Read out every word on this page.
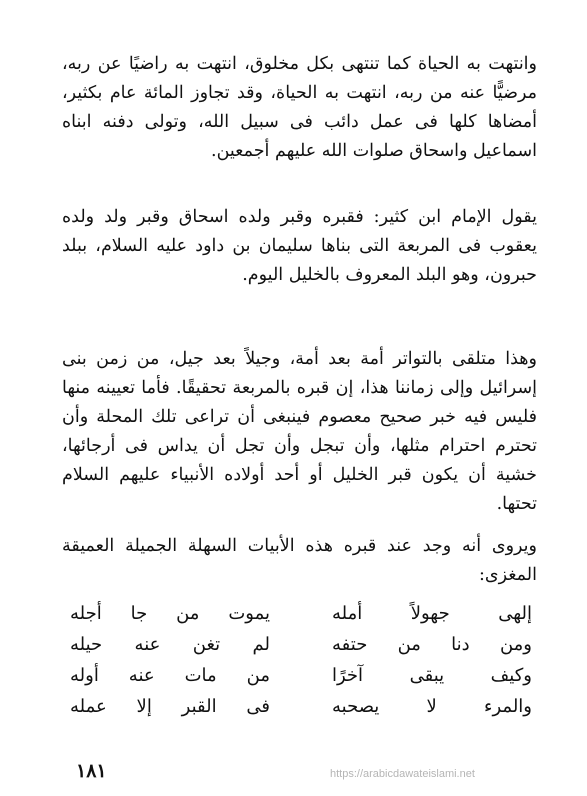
وانتهت به الحياة كما تنتهى بكل مخلوق، انتهت به راضيًا عن ربه، مرضيًّا عنه من ربه، انتهت به الحياة، وقد تجاوز المائة عام بكثير، أمضاها كلها فى عمل دائب فى سبيل الله، وتولى دفنه ابناه اسماعيل واسحاق صلوات الله عليهم أجمعين.

يقول الإمام ابن كثير: فقبره وقبر ولده اسحاق وقبر ولد ولده يعقوب فى المربعة التى بناها سليمان بن داود عليه السلام، ببلد حبرون، وهو البلد المعروف بالخليل اليوم.

وهذا متلقى بالتواتر أمة بعد أمة، وجيلاً بعد جيل، من زمن بنى إسرائيل وإلى زماننا هذا، إن قبره بالمربعة تحقيقًا. فأما تعيينه منها فليس فيه خبر صحيح معصوم فينبغى أن تراعى تلك المحلة وأن تحترم احترام مثلها، وأن تبجل وأن تجل أن يداس فى أرجائها، خشية أن يكون قبر الخليل أو أحد أولاده الأنبياء عليهم السلام تحتها.

ويروى أنه وجد عند قبره هذه الأبيات السهلة الجميلة العميقة المغزى:

إلهى جهولاً أمله
يموت من جا أجله
ومن دنا من حتفه
لم تغن عنه حيله
وكيف يبقى آخرًا
من مات عنه أوله
والمرء لا يصحبه
فى القبر إلا عمله
١٨١	https://arabicdawateislami.net
